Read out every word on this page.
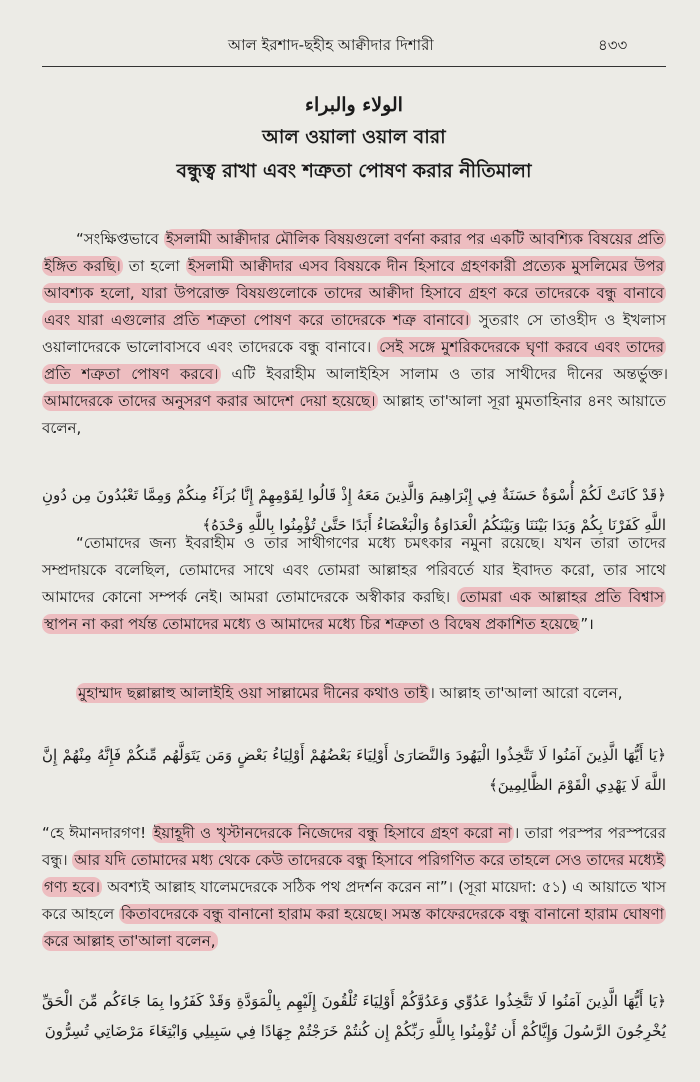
আল ইরশাদ-ছহীহ আক্বীদার দিশারী	৪৩৩
الولاء والبراء
আল ওয়ালা ওয়াল বারা
বন্ধুত্ব রাখা এবং শত্রুতা পোষণ করার নীতিমালা

“সংক্ষিপ্তভাবে ইসলামী আক্বীদার মৌলিক বিষয়গুলো বর্ণনা করার পর একটি আবশ্যিক বিষয়ের প্রতি ইঙ্গিত করছি। তা হলো ইসলামী আক্বীদার এসব বিষয়কে দীন হিসাবে গ্রহণকারী প্রত্যেক মুসলিমের উপর আবশ্যক হলো, যারা উপরোক্ত বিষয়গুলোকে তাদের আক্বীদা হিসাবে গ্রহণ করে তাদেরকে বন্ধু বানাবে এবং যারা এগুলোর প্রতি শত্রুতা পোষণ করে তাদেরকে শত্রু বানাবে। সুতরাং সে তাওহীদ ও ইখলাস ওয়ালাদেরকে ভালোবাসবে এবং তাদেরকে বন্ধু বানাবে। সেই সঙ্গে মুশরিকদেরকে ঘৃণা করবে এবং তাদের প্রতি শত্রুতা পোষণ করবে। এটি ইবরাহীম আলাইহিস সালাম ও তার সাথীদের দীনের অন্তর্ভুক্ত। আমাদেরকে তাদের অনুসরণ করার আদেশ দেয়া হয়েছে। আল্লাহ তা'আলা সূরা মুমতাহিনার ৪নং আয়াতে বলেন,

﴿قَدْ كَانَتْ لَكُمْ أُسْوَةٌ حَسَنَةٌ فِي إِبْرَاهِيمَ وَالَّذِينَ مَعَهُ إِذْ قَالُوا لِقَوْمِهِمْ إِنَّا بُرَآءُ مِنكُمْ وَمِمَّا تَعْبُدُونَ مِن دُونِ اللَّهِ كَفَرْنَا بِكُمْ وَبَدَا بَيْنَنَا وَبَيْنَكُمُ الْعَدَاوَةُ وَالْبَغْضَاءُ أَبَدًا حَتَّىٰ تُؤْمِنُوا بِاللَّهِ وَحْدَهُ﴾

“তোমাদের জন্য ইবরাহীম ও তার সাথীগণের মধ্যে চমৎকার নমুনা রয়েছে। যখন তারা তাদের সম্প্রদায়কে বলেছিল, তোমাদের সাথে এবং তোমরা আল্লাহর পরিবর্তে যার ইবাদত করো, তার সাথে আমাদের কোনো সম্পর্ক নেই। আমরা তোমাদেরকে অস্বীকার করছি। তোমরা এক আল্লাহর প্রতি বিশ্বাস স্থাপন না করা পর্যন্ত তোমাদের মধ্যে ও আমাদের মধ্যে চির শত্রুতা ও বিদ্বেষ প্রকাশিত হয়েছে ”।

মুহাম্মাদ ছল্লাল্লাহু আলাইহি ওয়া সাল্লামের দীনের কথাও তাই । আল্লাহ তা'আলা আরো বলেন,

﴿يَا أَيُّهَا الَّذِينَ آمَنُوا لَا تَتَّخِذُوا الْيَهُودَ وَالنَّصَارَىٰ أَوْلِيَاءَ بَعْضُهُمْ أَوْلِيَاءُ بَعْضٍ وَمَن يَتَوَلَّهُم مِّنكُمْ فَإِنَّهُ مِنْهُمْ إِنَّ اللَّهَ لَا يَهْدِي الْقَوْمَ الظَّالِمِينَ﴾

“হে ঈমানদারগণ! ইয়াহূদী ও খৃস্টানদেরকে নিজেদের বন্ধু হিসাবে গ্রহণ করো না । তারা পরস্পর পরস্পরের বন্ধু। আর যদি তোমাদের মধ্য থেকে কেউ তাদেরকে বন্ধু হিসাবে পরিগণিত করে তাহলে সেও তাদের মধ্যেই গণ্য হবে। অবশ্যই আল্লাহ যালেমদেরকে সঠিক পথ প্রদর্শন করেন না”। (সূরা মায়েদা: ৫১) এ আয়াতে খাস করে আহলে কিতাবদেরকে বন্ধু বানানো হারাম করা হয়েছে। সমস্ত কাফেরদেরকে বন্ধু বানানো হারাম ঘোষণা করে আল্লাহ তা'আলা বলেন,

﴿يَا أَيُّهَا الَّذِينَ آمَنُوا لَا تَتَّخِذُوا عَدُوِّي وَعَدُوَّكُمْ أَوْلِيَاءَ تُلْقُونَ إِلَيْهِم بِالْمَوَدَّةِ وَقَدْ كَفَرُوا بِمَا جَاءَكُم مِّنَ الْحَقِّ يُخْرِجُونَ الرَّسُولَ وَإِيَّاكُمْ أَن تُؤْمِنُوا بِاللَّهِ رَبِّكُمْ إِن كُنتُمْ خَرَجْتُمْ جِهَادًا فِي سَبِيلِي وَابْتِغَاءَ مَرْضَاتِي تُسِرُّونَ
